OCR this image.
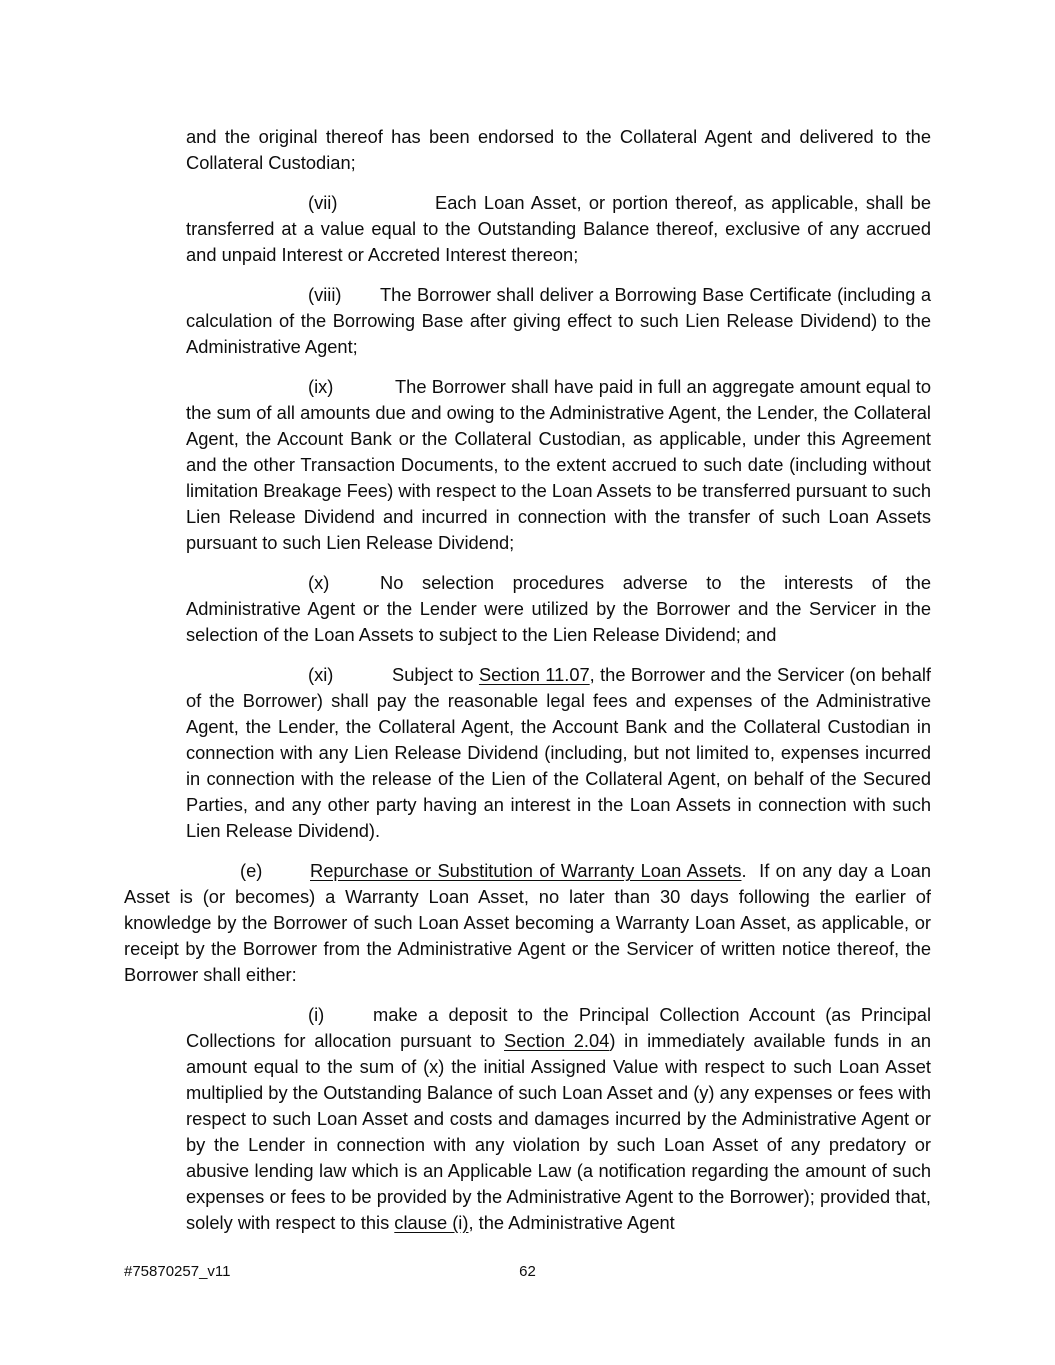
and the original thereof has been endorsed to the Collateral Agent and delivered to the Collateral Custodian;

(vii)	Each Loan Asset, or portion thereof, as applicable, shall be transferred at a value equal to the Outstanding Balance thereof, exclusive of any accrued and unpaid Interest or Accreted Interest thereon;

(viii) The Borrower shall deliver a Borrowing Base Certificate (including a calculation of the Borrowing Base after giving effect to such Lien Release Dividend) to the Administrative Agent;

(ix)	The Borrower shall have paid in full an aggregate amount equal to the sum of all amounts due and owing to the Administrative Agent, the Lender, the Collateral Agent, the Account Bank or the Collateral Custodian, as applicable, under this Agreement and the other Transaction Documents, to the extent accrued to such date (including without limitation Breakage Fees) with respect to the Loan Assets to be transferred pursuant to such Lien Release Dividend and incurred in connection with the transfer of such Loan Assets pursuant to such Lien Release Dividend;

(x)	No selection procedures adverse to the interests of the Administrative Agent or the Lender were utilized by the Borrower and the Servicer in the selection of the Loan Assets to subject to the Lien Release Dividend; and

(xi)	Subject to Section 11.07, the Borrower and the Servicer (on behalf of the Borrower) shall pay the reasonable legal fees and expenses of the Administrative Agent, the Lender, the Collateral Agent, the Account Bank and the Collateral Custodian in connection with any Lien Release Dividend (including, but not limited to, expenses incurred in connection with the release of the Lien of the Collateral Agent, on behalf of the Secured Parties, and any other party having an interest in the Loan Assets in connection with such Lien Release Dividend).

(e)	Repurchase or Substitution of Warranty Loan Assets.  If on any day a Loan Asset is (or becomes) a Warranty Loan Asset, no later than 30 days following the earlier of knowledge by the Borrower of such Loan Asset becoming a Warranty Loan Asset, as applicable, or receipt by the Borrower from the Administrative Agent or the Servicer of written notice thereof, the Borrower shall either:

(i)	make a deposit to the Principal Collection Account (as Principal Collections for allocation pursuant to Section 2.04) in immediately available funds in an amount equal to the sum of (x) the initial Assigned Value with respect to such Loan Asset multiplied by the Outstanding Balance of such Loan Asset and (y) any expenses or fees with respect to such Loan Asset and costs and damages incurred by the Administrative Agent or by the Lender in connection with any violation by such Loan Asset of any predatory or abusive lending law which is an Applicable Law (a notification regarding the amount of such expenses or fees to be provided by the Administrative Agent to the Borrower); provided that, solely with respect to this clause (i), the Administrative Agent

#75870257_v11	62
